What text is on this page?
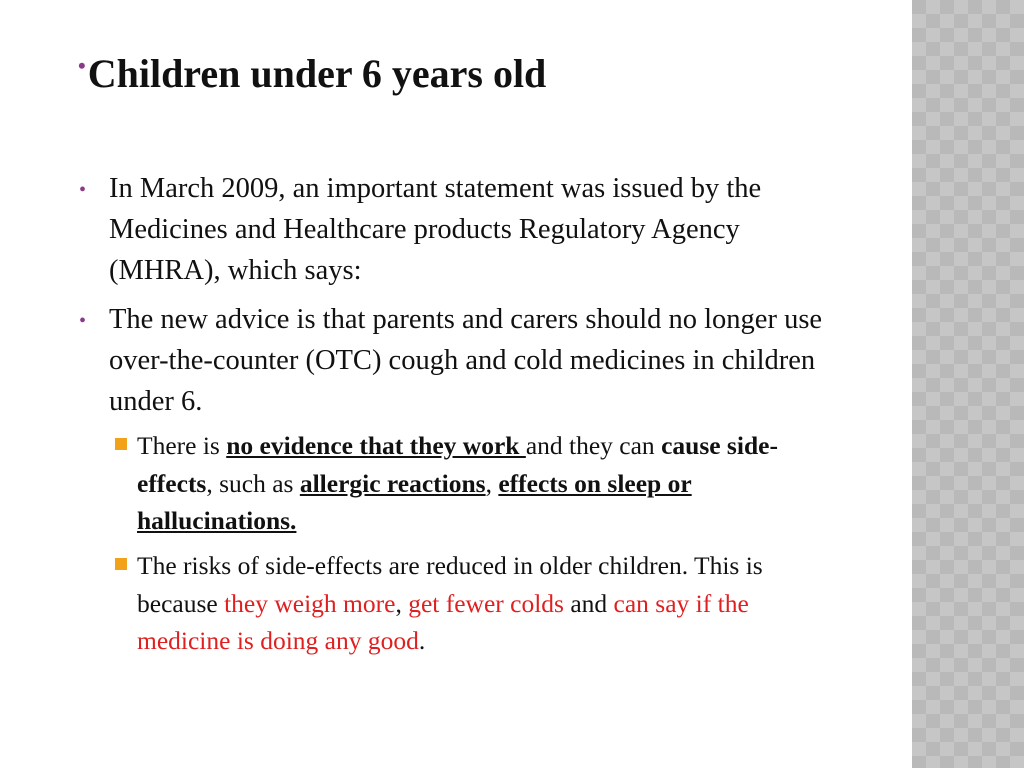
•Children under 6 years old
• In March 2009, an important statement was issued by the Medicines and Healthcare products Regulatory Agency (MHRA), which says:
• The new advice is that parents and carers should no longer use over-the-counter (OTC) cough and cold medicines in children under 6.
There is no evidence that they work and they can cause side-effects, such as allergic reactions, effects on sleep or hallucinations.
The risks of side-effects are reduced in older children. This is because they weigh more, get fewer colds and can say if the medicine is doing any good.
